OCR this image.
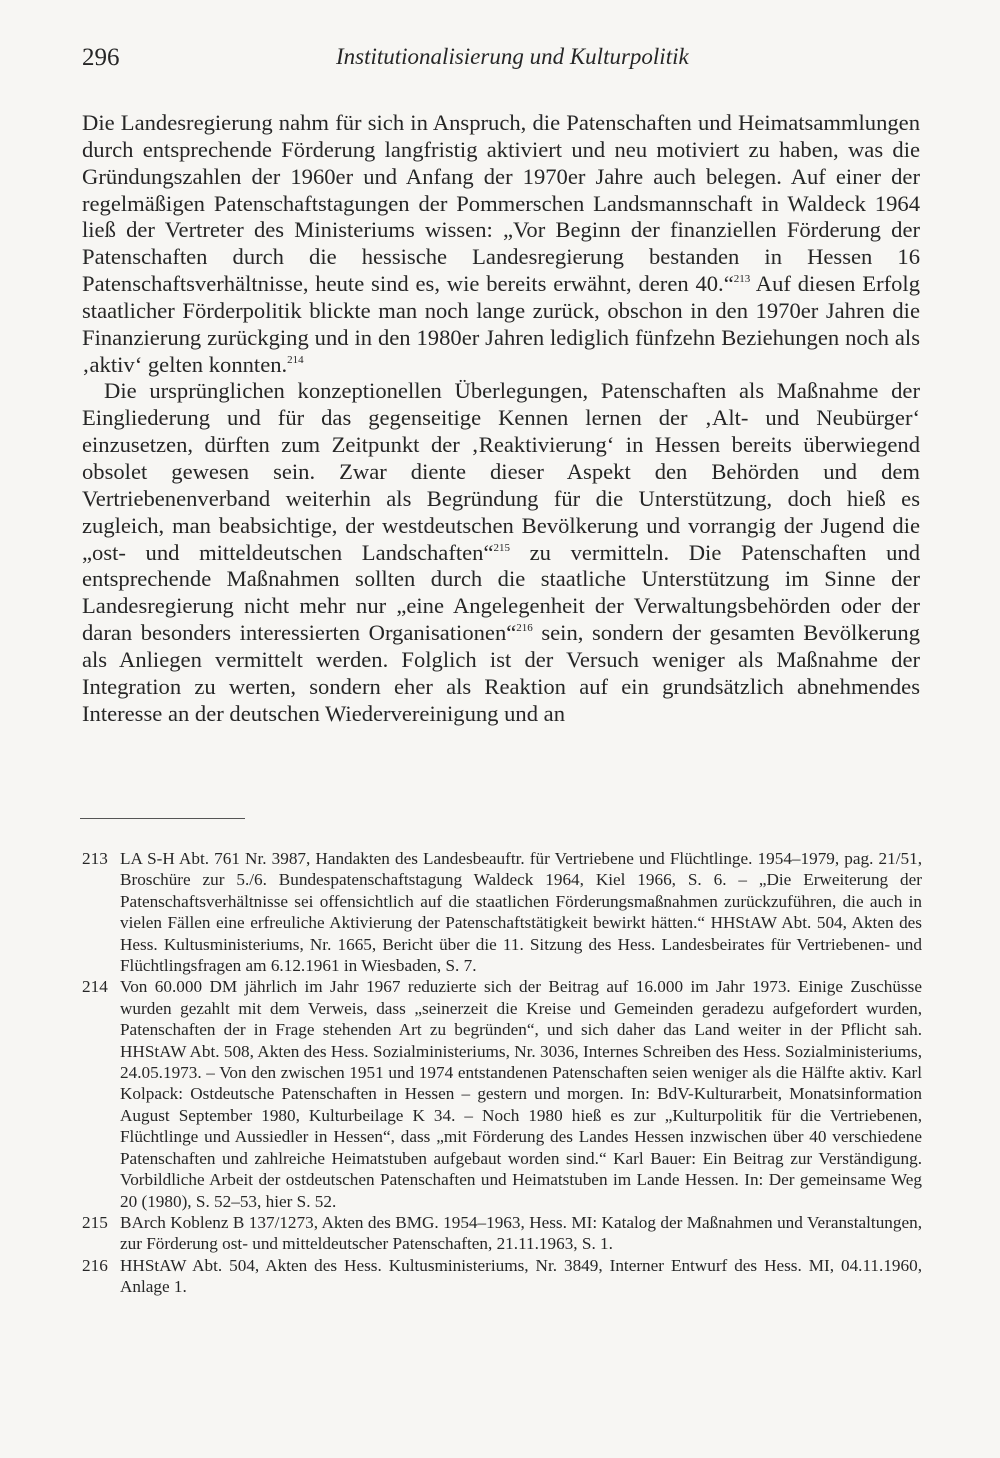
296	Institutionalisierung und Kulturpolitik

Die Landesregierung nahm für sich in Anspruch, die Patenschaften und Heimatsammlungen durch entsprechende Förderung langfristig aktiviert und neu motiviert zu haben, was die Gründungszahlen der 1960er und Anfang der 1970er Jahre auch belegen. Auf einer der regelmäßigen Patenschaftstagungen der Pommerschen Landsmannschaft in Waldeck 1964 ließ der Vertreter des Ministeriums wissen: „Vor Beginn der finanziellen Förderung der Patenschaften durch die hessische Landesregierung bestanden in Hessen 16 Patenschaftsverhältnisse, heute sind es, wie bereits erwähnt, deren 40.“$^{213}$ Auf diesen Erfolg staatlicher Förderpolitik blickte man noch lange zurück, obschon in den 1970er Jahren die Finanzierung zurückging und in den 1980er Jahren lediglich fünfzehn Beziehungen noch als ‚aktiv‘ gelten konnten.$^{214}$

Die ursprünglichen konzeptionellen Überlegungen, Patenschaften als Maßnahme der Eingliederung und für das gegenseitige Kennen lernen der ‚Alt- und Neubürger‘ einzusetzen, dürften zum Zeitpunkt der ‚Reaktivierung‘ in Hessen bereits überwiegend obsolet gewesen sein. Zwar diente dieser Aspekt den Behörden und dem Vertriebenenverband weiterhin als Begründung für die Unterstützung, doch hieß es zugleich, man beabsichtige, der westdeutschen Bevölkerung und vorrangig der Jugend die „ost- und mitteldeutschen Landschaften“$^{215}$ zu vermitteln. Die Patenschaften und entsprechende Maßnahmen sollten durch die staatliche Unterstützung im Sinne der Landesregierung nicht mehr nur „eine Angelegenheit der Verwaltungsbehörden oder der daran besonders interessierten Organisationen“$^{216}$ sein, sondern der gesamten Bevölkerung als Anliegen vermittelt werden. Folglich ist der Versuch weniger als Maßnahme der Integration zu werten, sondern eher als Reaktion auf ein grundsätzlich abnehmendes Interesse an der deutschen Wiedervereinigung und an

213 LA S-H Abt. 761 Nr. 3987, Handakten des Landesbeauftr. für Vertriebene und Flüchtlinge. 1954–1979, pag. 21/51, Broschüre zur 5./6. Bundespatenschaftstagung Waldeck 1964, Kiel 1966, S. 6. – „Die Erweiterung der Patenschaftsverhältnisse sei offensichtlich auf die staatlichen Förderungsmaßnahmen zurückzuführen, die auch in vielen Fällen eine erfreuliche Aktivierung der Patenschaftstätigkeit bewirkt hätten.“ HHStAW Abt. 504, Akten des Hess. Kultusministeriums, Nr. 1665, Bericht über die 11. Sitzung des Hess. Landesbeirates für Vertriebenen- und Flüchtlingsfragen am 6.12.1961 in Wiesbaden, S. 7.
214 Von 60.000 DM jährlich im Jahr 1967 reduzierte sich der Beitrag auf 16.000 im Jahr 1973. Einige Zuschüsse wurden gezahlt mit dem Verweis, dass „seinerzeit die Kreise und Gemeinden geradezu aufgefordert wurden, Patenschaften der in Frage stehenden Art zu begründen“, und sich daher das Land weiter in der Pflicht sah. HHStAW Abt. 508, Akten des Hess. Sozialministeriums, Nr. 3036, Internes Schreiben des Hess. Sozialministeriums, 24.05.1973. – Von den zwischen 1951 und 1974 entstandenen Patenschaften seien weniger als die Hälfte aktiv. Karl Kolpack: Ostdeutsche Patenschaften in Hessen – gestern und morgen. In: BdV-Kulturarbeit, Monatsinformation August September 1980, Kulturbeilage K 34. – Noch 1980 hieß es zur „Kulturpolitik für die Vertriebenen, Flüchtlinge und Aussiedler in Hessen“, dass „mit Förderung des Landes Hessen inzwischen über 40 verschiedene Patenschaften und zahlreiche Heimatstuben aufgebaut worden sind.“ Karl Bauer: Ein Beitrag zur Verständigung. Vorbildliche Arbeit der ostdeutschen Patenschaften und Heimatstuben im Lande Hessen. In: Der gemeinsame Weg 20 (1980), S. 52–53, hier S. 52.
215 BArch Koblenz B 137/1273, Akten des BMG. 1954–1963, Hess. MI: Katalog der Maßnahmen und Veranstaltungen, zur Förderung ost- und mitteldeutscher Patenschaften, 21.11.1963, S. 1.
216 HHStAW Abt. 504, Akten des Hess. Kultusministeriums, Nr. 3849, Interner Entwurf des Hess. MI, 04.11.1960, Anlage 1.
